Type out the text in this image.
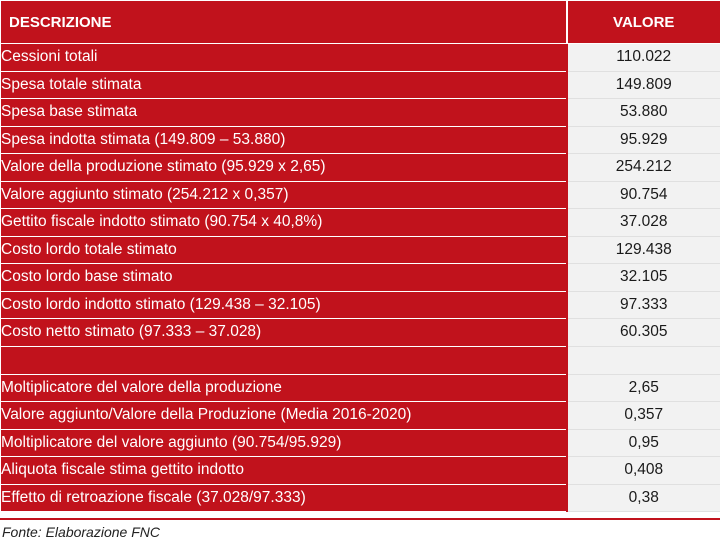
DESCRIZIONE	VALORE
Cessioni totali	110.022
Spesa totale stimata	149.809
Spesa base stimata	53.880
Spesa indotta stimata (149.809 – 53.880)	95.929
Valore della produzione stimato (95.929 x 2,65)	254.212
Valore aggiunto stimato (254.212 x 0,357)	90.754
Gettito fiscale indotto stimato (90.754 x 40,8%)	37.028
Costo lordo totale stimato	129.438
Costo lordo base stimato	32.105
Costo lordo indotto stimato (129.438 – 32.105)	97.333
Costo netto stimato (97.333 – 37.028)	60.305

Moltiplicatore del valore della produzione	2,65
Valore aggiunto/Valore della Produzione (Media 2016-2020)	0,357
Moltiplicatore del valore aggiunto (90.754/95.929)	0,95
Aliquota fiscale stima gettito indotto	0,408
Effetto di retroazione fiscale (37.028/97.333)	0,38
Fonte: Elaborazione FNC
